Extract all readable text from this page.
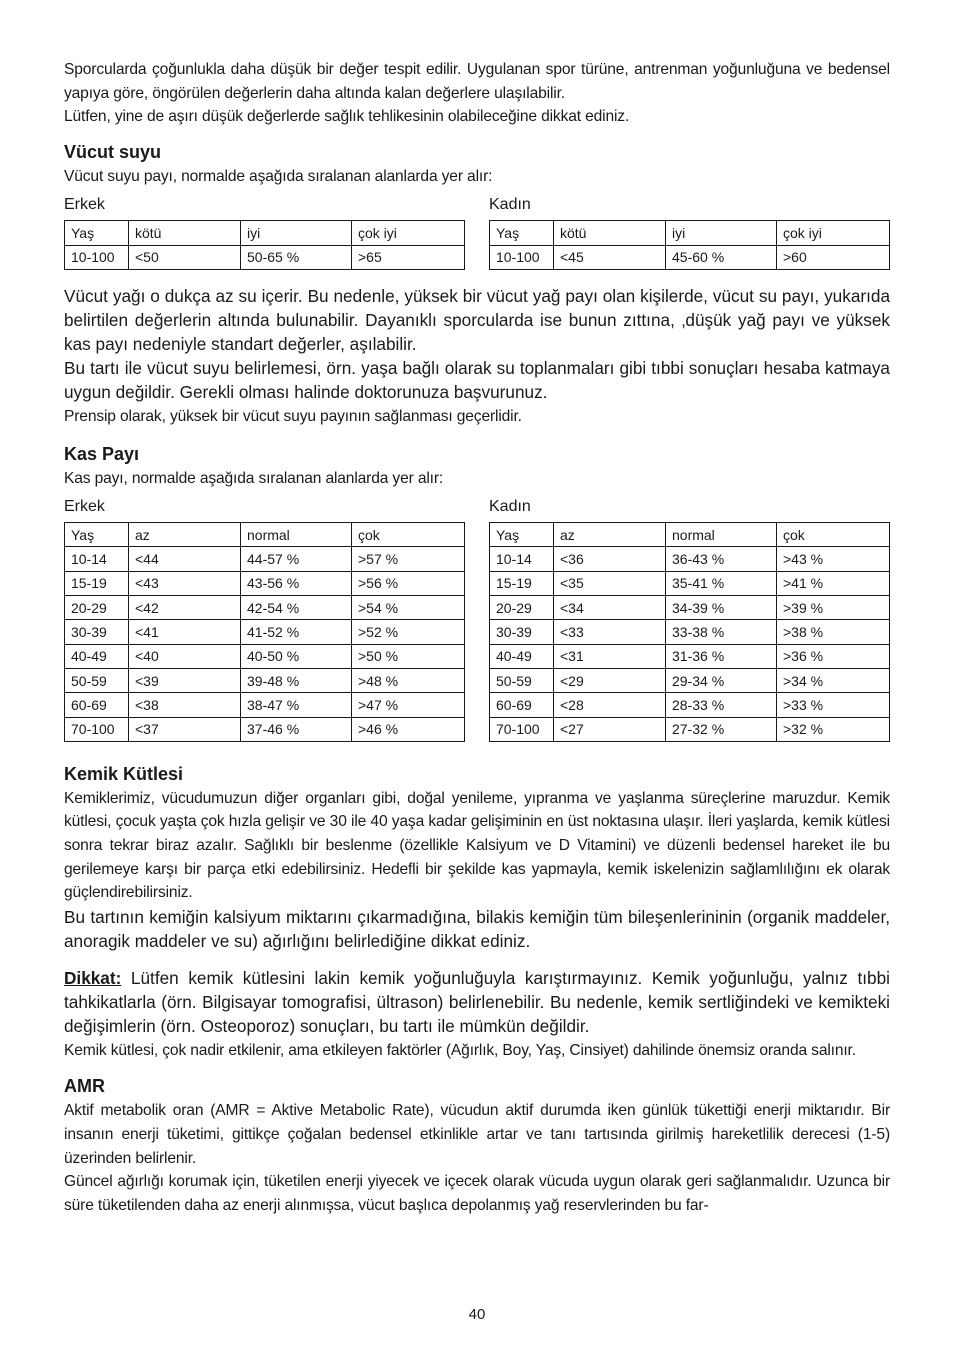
Sporcularda çoğunlukla daha düşük bir değer tespit edilir. Uygulanan spor türüne, antrenman yoğunluğuna ve bedensel yapıya göre, öngörülen değerlerin daha altında kalan değerlere ulaşılabilir.

Lütfen, yine de aşırı düşük değerlerde sağlık tehlikesinin olabileceğine dikkat ediniz.

Vücut suyu

Vücut suyu payı, normalde aşağıda sıralanan alanlarda yer alır:

Erkek
Yaş	kötü	iyi	çok iyi
10-100	<50	50-65 %	>65
Kadın
Yaş	kötü	iyi	çok iyi
10-100	<45	45-60 %	>60

Vücut yağı o dukça az su içerir. Bu nedenle, yüksek bir vücut yağ payı olan kişilerde, vücut su payı, yukarıda belirtilen değerlerin altında bulunabilir. Dayanıklı sporcularda ise bunun zıttına, ‚düşük yağ payı ve yüksek kas payı nedeniyle standart değerler, aşılabilir.

Bu tartı ile vücut suyu belirlemesi, örn. yaşa bağlı olarak su toplanmaları gibi tıbbi sonuçları hesaba katmaya uygun değildir. Gerekli olması halinde doktorunuza başvurunuz.

Prensip olarak, yüksek bir vücut suyu payının sağlanması geçerlidir.

Kas Payı

Kas payı, normalde aşağıda sıralanan alanlarda yer alır:

Erkek
Yaş	az	normal	çok
10-14	<44	44-57 %	>57 %
15-19	<43	43-56 %	>56 %
20-29	<42	42-54 %	>54 %
30-39	<41	41-52 %	>52 %
40-49	<40	40-50 %	>50 %
50-59	<39	39-48 %	>48 %
60-69	<38	38-47 %	>47 %
70-100	<37	37-46 %	>46 %
Kadın
Yaş	az	normal	çok
10-14	<36	36-43 %	>43 %
15-19	<35	35-41 %	>41 %
20-29	<34	34-39 %	>39 %
30-39	<33	33-38 %	>38 %
40-49	<31	31-36 %	>36 %
50-59	<29	29-34 %	>34 %
60-69	<28	28-33 %	>33 %
70-100	<27	27-32 %	>32 %
Kemik Kütlesi

Kemiklerimiz, vücudumuzun diğer organları gibi, doğal yenileme, yıpranma ve yaşlanma süreçlerine maruzdur. Kemik kütlesi, çocuk yaşta çok hızla gelişir ve 30 ile 40 yaşa kadar gelişiminin en üst noktasına ulaşır. İleri yaşlarda, kemik kütlesi sonra tekrar biraz azalır. Sağlıklı bir beslenme (özellikle Kalsiyum ve D Vitamini) ve düzenli bedensel hareket ile bu gerilemeye karşı bir parça etki edebilirsiniz. Hedefli bir şekilde kas yapmayla, kemik iskelenizin sağlamlılığını ek olarak güçlendirebilirsiniz.

Bu tartının kemiğin kalsiyum miktarını çıkarmadığına, bilakis kemiğin tüm bileşenlerininin (organik maddeler, anoragik maddeler ve su) ağırlığını belirlediğine dikkat ediniz.

Dikkat: Lütfen kemik kütlesini lakin kemik yoğunluğuyla karıştırmayınız. Kemik yoğunluğu, yalnız tıbbi tahkikatlarla (örn. Bilgisayar tomografisi, ültrason) belirlenebilir. Bu nedenle, kemik sertliğindeki ve kemikteki değişimlerin (örn. Osteoporoz) sonuçları, bu tartı ile mümkün değildir.

Kemik kütlesi, çok nadir etkilenir, ama etkileyen faktörler (Ağırlık, Boy, Yaş, Cinsiyet) dahilinde önemsiz oranda salınır.

AMR

Aktif metabolik oran (AMR = Aktive Metabolic Rate), vücudun aktif durumda iken günlük tükettiği enerji miktarıdır. Bir insanın enerji tüketimi, gittikçe çoğalan bedensel etkinlikle artar ve tanı tartısında girilmiş hareketlilik derecesi (1-5) üzerinden belirlenir.

Güncel ağırlığı korumak için, tüketilen enerji yiyecek ve içecek olarak vücuda uygun olarak geri sağlanmalıdır. Uzunca bir süre tüketilenden daha az enerji alınmışsa, vücut başlıca depolanmış yağ reservlerinden bu far-

40
